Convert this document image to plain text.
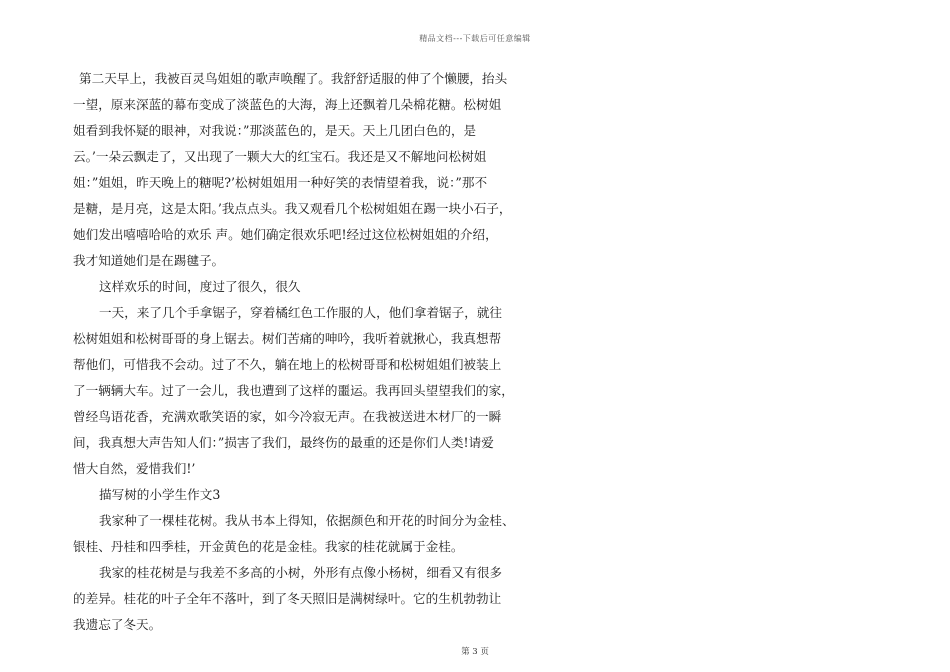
精品文档---下载后可任意编辑
第二天早上，我被百灵鸟姐姐的歌声唤醒了。我舒舒适服的伸了个懒腰，抬头
一望，原来深蓝的幕布变成了淡蓝色的大海，海上还飘着几朵棉花糖。松树姐
姐看到我怀疑的眼神，对我说：”那淡蓝色的，是天。天上几团白色的，是
云。’一朵云飘走了，又出现了一颗大大的红宝石。我还是又不解地问松树姐
姐：”姐姐，昨天晚上的糖呢?’松树姐姐用一种好笑的表情望着我，说：”那不
是糖，是月亮，这是太阳。’我点点头。我又观看几个松树姐姐在踢一块小石子，
她们发出嘻嘻哈哈的欢乐 声。她们确定很欢乐吧!经过这位松树姐姐的介绍，
我才知道她们是在踢毽子。
这样欢乐的时间，度过了很久，很久
一天，来了几个手拿锯子，穿着橘红色工作服的人，他们拿着锯子，就往
松树姐姐和松树哥哥的身上锯去。树们苦痛的呻吟，我听着就揪心，我真想帮
帮他们，可惜我不会动。过了不久，躺在地上的松树哥哥和松树姐姐们被装上
了一辆辆大车。过了一会儿，我也遭到了这样的噩运。我再回头望望我们的家，
曾经鸟语花香，充满欢歌笑语的家，如今冷寂无声。在我被送进木材厂的一瞬
间，我真想大声告知人们：”损害了我们，最终伤的最重的还是你们人类!请爱
惜大自然，爱惜我们!’
描写树的小学生作文3
我家种了一棵桂花树。我从书本上得知，依据颜色和开花的时间分为金桂、
银桂、丹桂和四季桂，开金黄色的花是金桂。我家的桂花就属于金桂。
我家的桂花树是与我差不多高的小树，外形有点像小杨树，细看又有很多
的差异。桂花的叶子全年不落叶，到了冬天照旧是满树绿叶。它的生机勃勃让
我遗忘了冬天。
第 3 页
